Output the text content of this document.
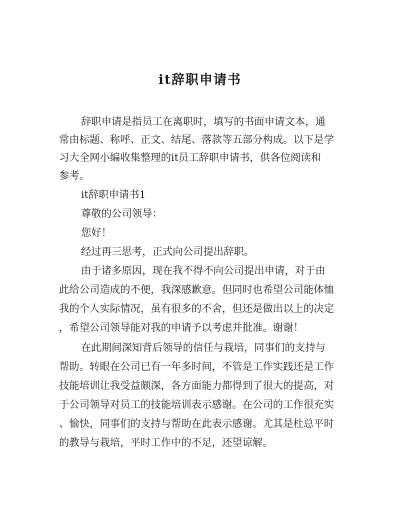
it辞职申请书
辞职申请是指员工在离职时，填写的书面申请文本，通
常由标题、称呼、正文、结尾、落款等五部分构成。以下是学
习大全网小编收集整理的it员工辞职申请书，供各位阅读和
参考。
it辞职申请书1
尊敬的公司领导：
您好！
经过再三思考，正式向公司提出辞职。
由于诸多原因，现在我不得不向公司提出申请，对于由
此给公司造成的不便，我深感歉意。但同时也希望公司能体恤
我的个人实际情况，虽有很多的不舍，但还是做出以上的决定
，希望公司领导能对我的申请予以考虑并批准。谢谢！
在此期间深知背后领导的信任与栽培，同事们的支持与
帮助。转眼在公司已有一年多时间，不管是工作实践还是工作
技能培训让我受益颇深，各方面能力都得到了很大的提高，对
于公司领导对员工的技能培训表示感谢。在公司的工作很充实
、愉快，同事们的支持与帮助在此表示感谢。尤其是杜总平时
的教导与栽培，平时工作中的不足，还望谅解。
